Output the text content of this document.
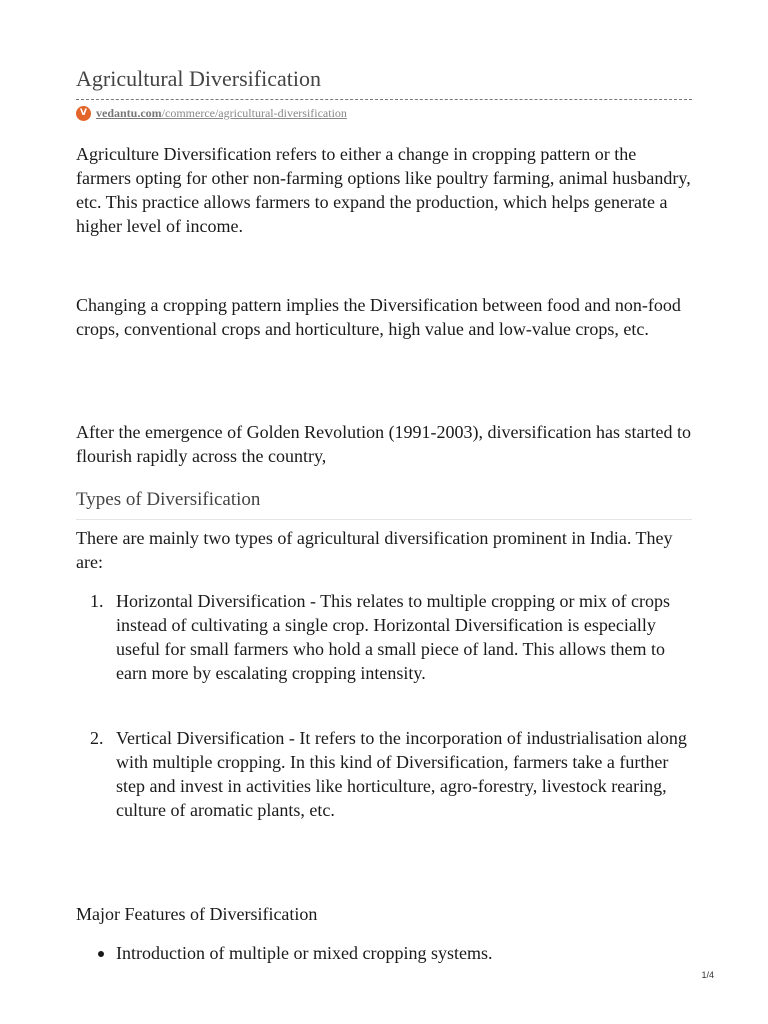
Agricultural Diversification
V vedantu.com /commerce/agricultural-diversification

Agriculture Diversification refers to either a change in cropping pattern or the farmers opting for other non-farming options like poultry farming, animal husbandry, etc. This practice allows farmers to expand the production, which helps generate a higher level of income.

Changing a cropping pattern implies the Diversification between food and non-food crops, conventional crops and horticulture, high value and low-value crops, etc.

After the emergence of Golden Revolution (1991-2003), diversification has started to flourish rapidly across the country,

Types of Diversification

There are mainly two types of agricultural diversification prominent in India. They are:

1. Horizontal Diversification - This relates to multiple cropping or mix of crops instead of cultivating a single crop. Horizontal Diversification is especially useful for small farmers who hold a small piece of land. This allows them to earn more by escalating cropping intensity.
2. Vertical Diversification - It refers to the incorporation of industrialisation along with multiple cropping. In this kind of Diversification, farmers take a further step and invest in activities like horticulture, agro-forestry, livestock rearing, culture of aromatic plants, etc.

Major Features of Diversification

Introduction of multiple or mixed cropping systems.
1/4
